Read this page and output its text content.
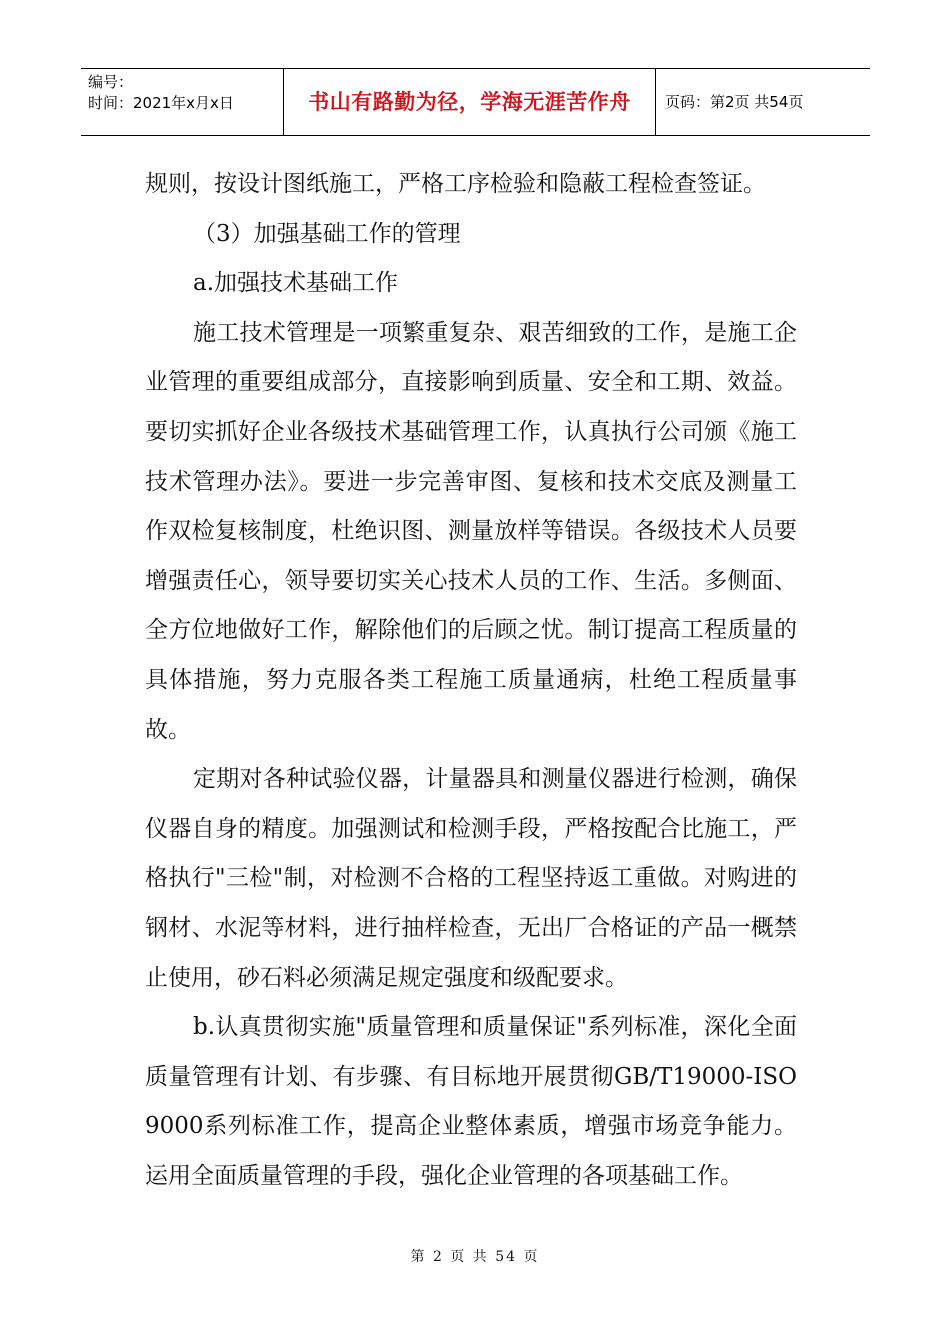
编号：
时间：2021年x月x日	书山有路勤为径，学海无涯苦作舟	页码：第2页 共54页

规则，按设计图纸施工，严格工序检验和隐蔽工程检查签证。

（3）加强基础工作的管理

a.加强技术基础工作

施工技术管理是一项繁重复杂、艰苦细致的工作，是施工企业管理的重要组成部分，直接影响到质量、安全和工期、效益。要切实抓好企业各级技术基础管理工作，认真执行公司颁《施工技术管理办法》。要进一步完善审图、复核和技术交底及测量工作双检复核制度，杜绝识图、测量放样等错误。各级技术人员要增强责任心，领导要切实关心技术人员的工作、生活。多侧面、全方位地做好工作，解除他们的后顾之忧。制订提高工程质量的具体措施，努力克服各类工程施工质量通病，杜绝工程质量事故。

定期对各种试验仪器，计量器具和测量仪器进行检测，确保仪器自身的精度。加强测试和检测手段，严格按配合比施工，严格执行"三检"制，对检测不合格的工程坚持返工重做。对购进的钢材、水泥等材料，进行抽样检查，无出厂合格证的产品一概禁止使用，砂石料必须满足规定强度和级配要求。

b.认真贯彻实施"质量管理和质量保证"系列标准，深化全面质量管理有计划、有步骤、有目标地开展贯彻GB/T19000-ISO9000系列标准工作，提高企业整体素质，增强市场竞争能力。运用全面质量管理的手段，强化企业管理的各项基础工作。

第 2 页 共 54 页
